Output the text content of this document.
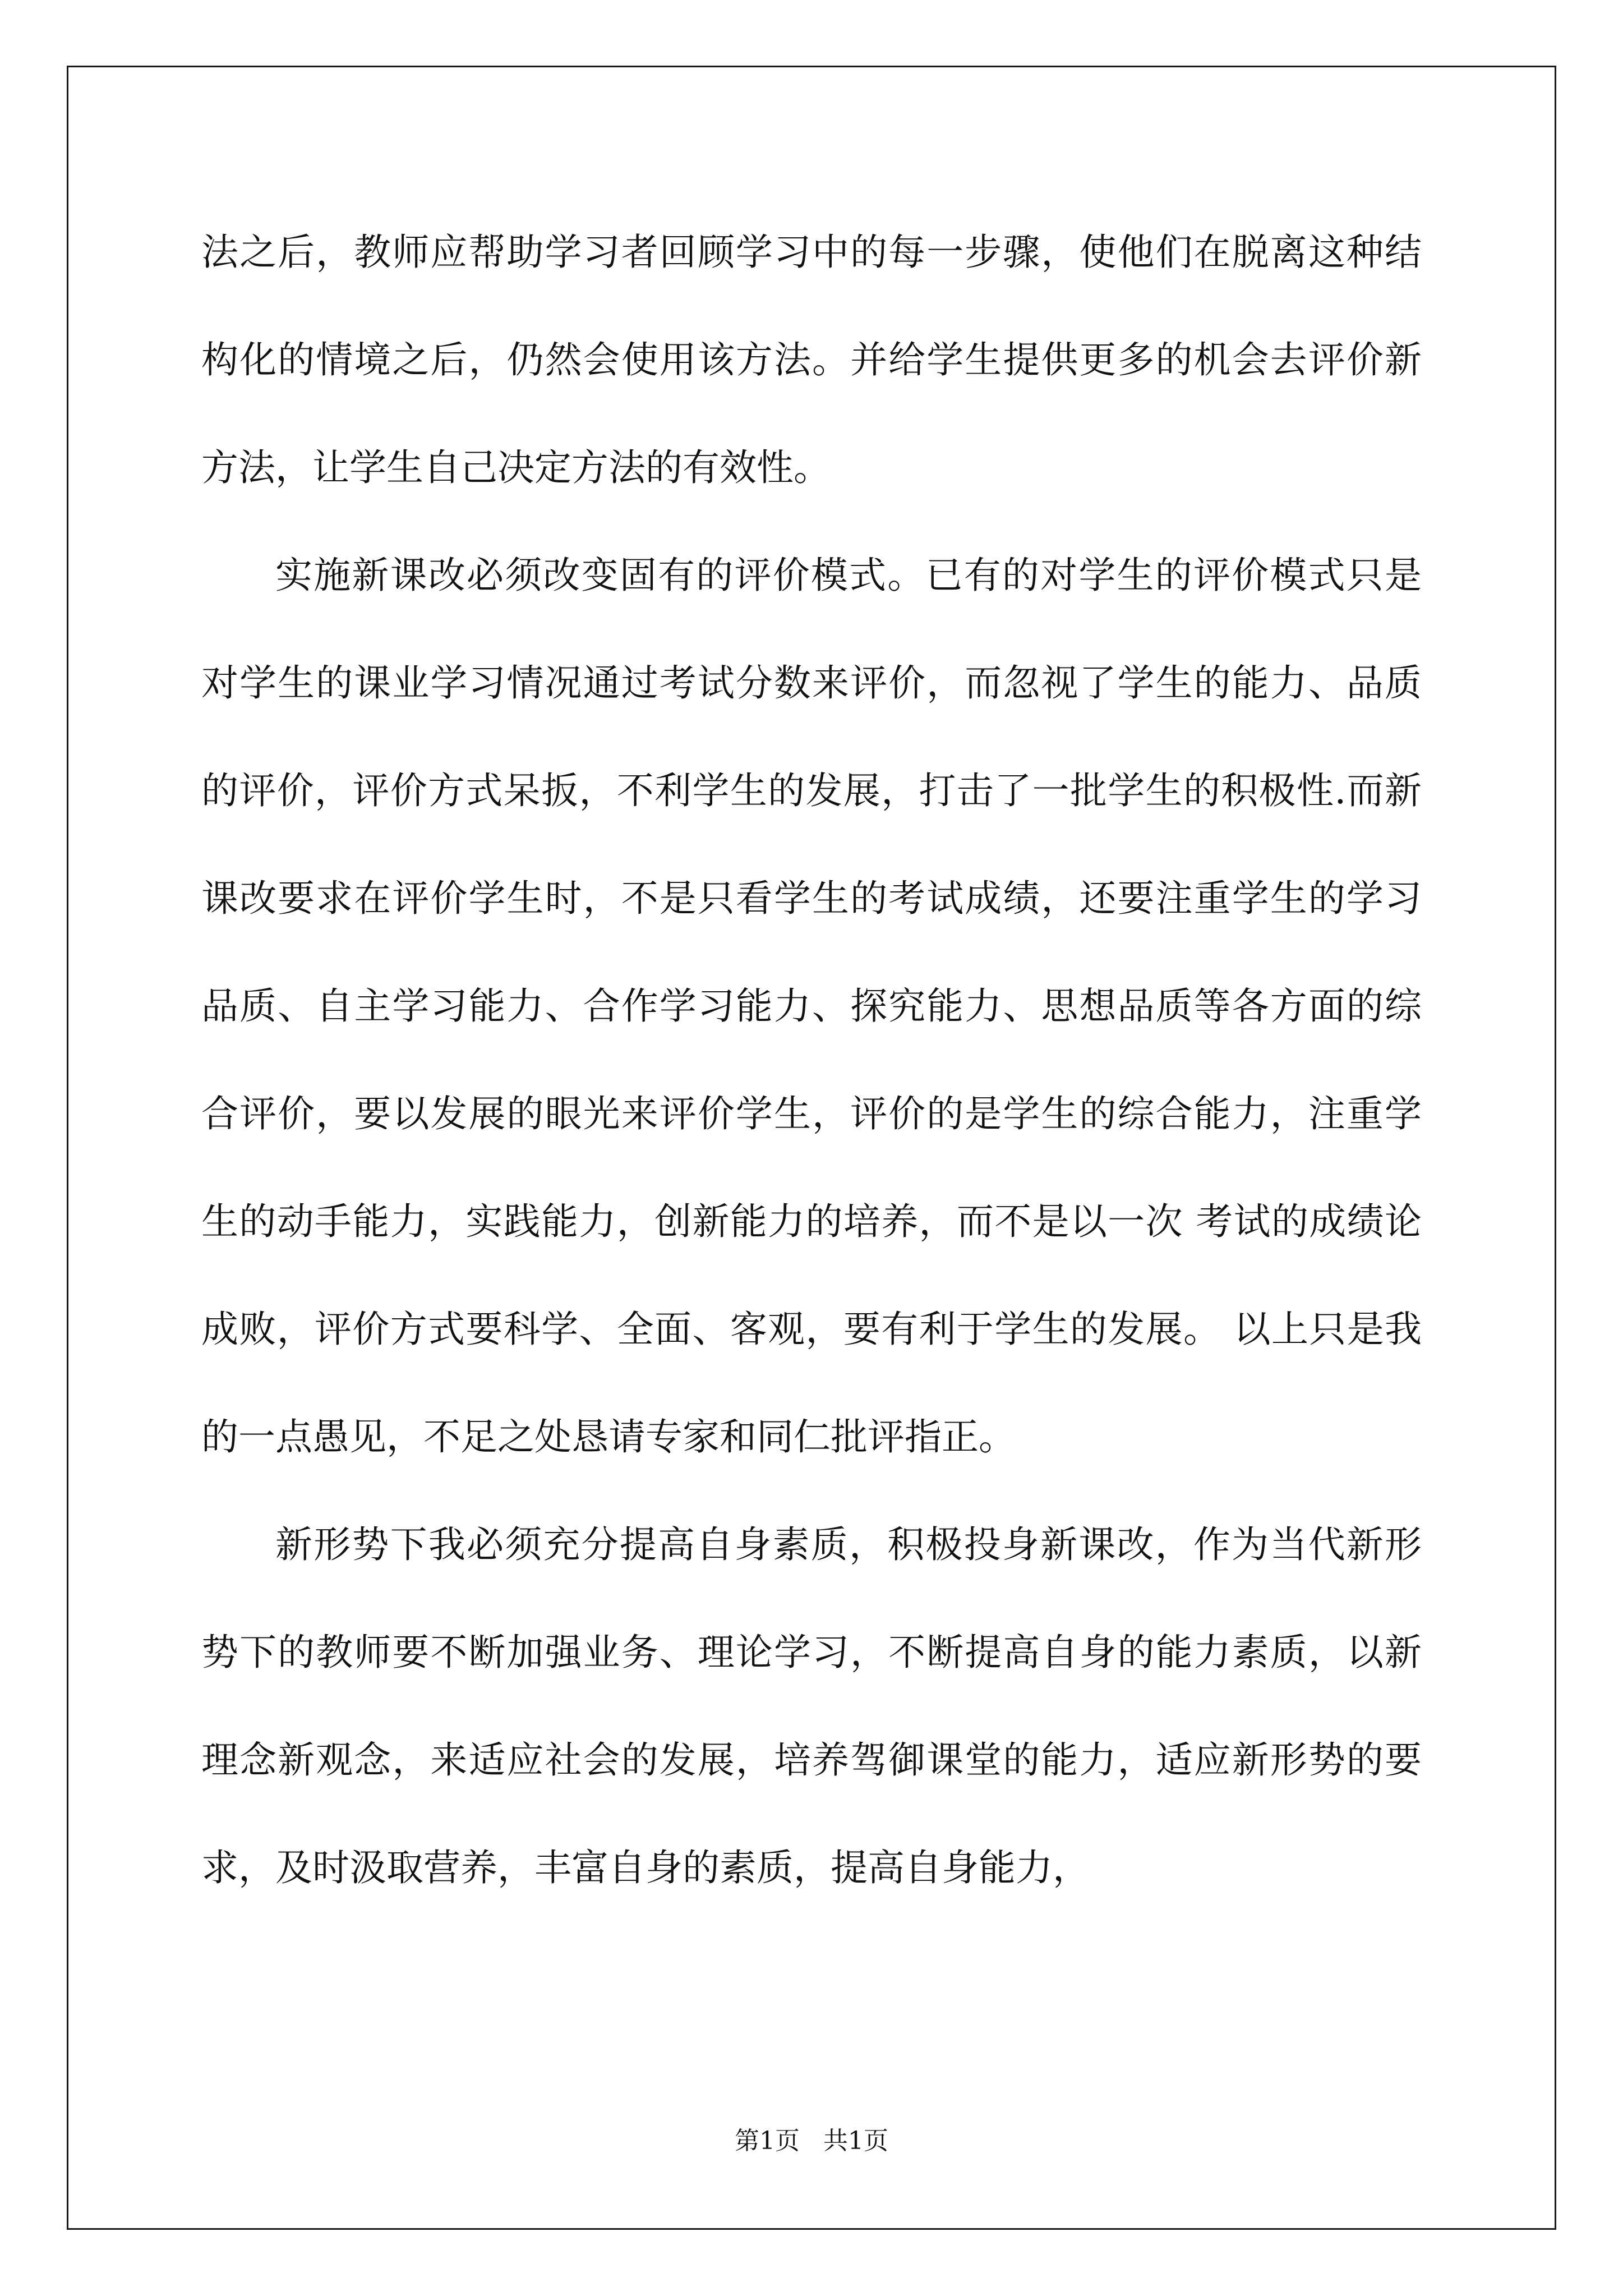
法之后，教师应帮助学习者回顾学习中的每一步骤，使他们在脱离这种结构化的情境之后，仍然会使用该方法。并给学生提供更多的机会去评价新方法，让学生自己决定方法的有效性。

实施新课改必须改变固有的评价模式。已有的对学生的评价模式只是对学生的课业学习情况通过考试分数来评价，而忽视了学生的能力、品质的评价，评价方式呆扳，不利学生的发展，打击了一批学生的积极性.而新课改要求在评价学生时，不是只看学生的考试成绩，还要注重学生的学习品质、自主学习能力、合作学习能力、探究能力、思想品质等各方面的综合评价，要以发展的眼光来评价学生，评价的是学生的综合能力，注重学生的动手能力，实践能力，创新能力的培养，而不是以一次 考试的成绩论成败，评价方式要科学、全面、客观，要有利于学生的发展。 以上只是我的一点愚见，不足之处恳请专家和同仁批评指正。

新形势下我必须充分提高自身素质，积极投身新课改，作为当代新形势下的教师要不断加强业务、理论学习，不断提高自身的能力素质，以新理念新观念，来适应社会的发展，培养驾御课堂的能力，适应新形势的要求，及时汲取营养，丰富自身的素质，提高自身能力，

第1页   共1页
